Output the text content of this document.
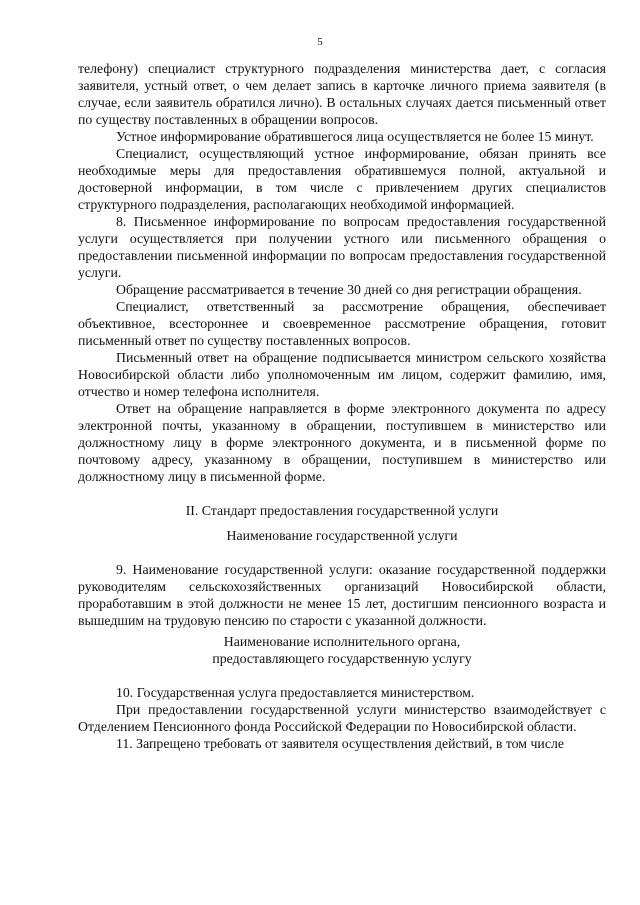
5

телефону) специалист структурного подразделения министерства дает, с согласия заявителя, устный ответ, о чем делает запись в карточке личного приема заявителя (в случае, если заявитель обратился лично). В остальных случаях дается письменный ответ по существу поставленных в обращении вопросов.

Устное информирование обратившегося лица осуществляется не более 15 минут.

Специалист, осуществляющий устное информирование, обязан принять все необходимые меры для предоставления обратившемуся полной, актуальной и достоверной информации, в том числе с привлечением других специалистов структурного подразделения, располагающих необходимой информацией.

8. Письменное информирование по вопросам предоставления государственной услуги осуществляется при получении устного или письменного обращения о предоставлении письменной информации по вопросам предоставления государственной услуги.

Обращение рассматривается в течение 30 дней со дня регистрации обращения.

Специалист, ответственный за рассмотрение обращения, обеспечивает объективное, всестороннее и своевременное рассмотрение обращения, готовит письменный ответ по существу поставленных вопросов.

Письменный ответ на обращение подписывается министром сельского хозяйства Новосибирской области либо уполномоченным им лицом, содержит фамилию, имя, отчество и номер телефона исполнителя.

Ответ на обращение направляется в форме электронного документа по адресу электронной почты, указанному в обращении, поступившем в министерство или должностному лицу в форме электронного документа, и в письменной форме по почтовому адресу, указанному в обращении, поступившем в министерство или должностному лицу в письменной форме.

II. Стандарт предоставления государственной услуги
Наименование государственной услуги

9. Наименование государственной услуги: оказание государственной поддержки руководителям сельскохозяйственных организаций Новосибирской области, проработавшим в этой должности не менее 15 лет, достигшим пенсионного возраста и вышедшим на трудовую пенсию по старости с указанной должности.

Наименование исполнительного органа,
предоставляющего государственную услугу

10. Государственная услуга предоставляется министерством.

При предоставлении государственной услуги министерство взаимодействует с Отделением Пенсионного фонда Российской Федерации по Новосибирской области.

11. Запрещено требовать от заявителя осуществления действий, в том числе
